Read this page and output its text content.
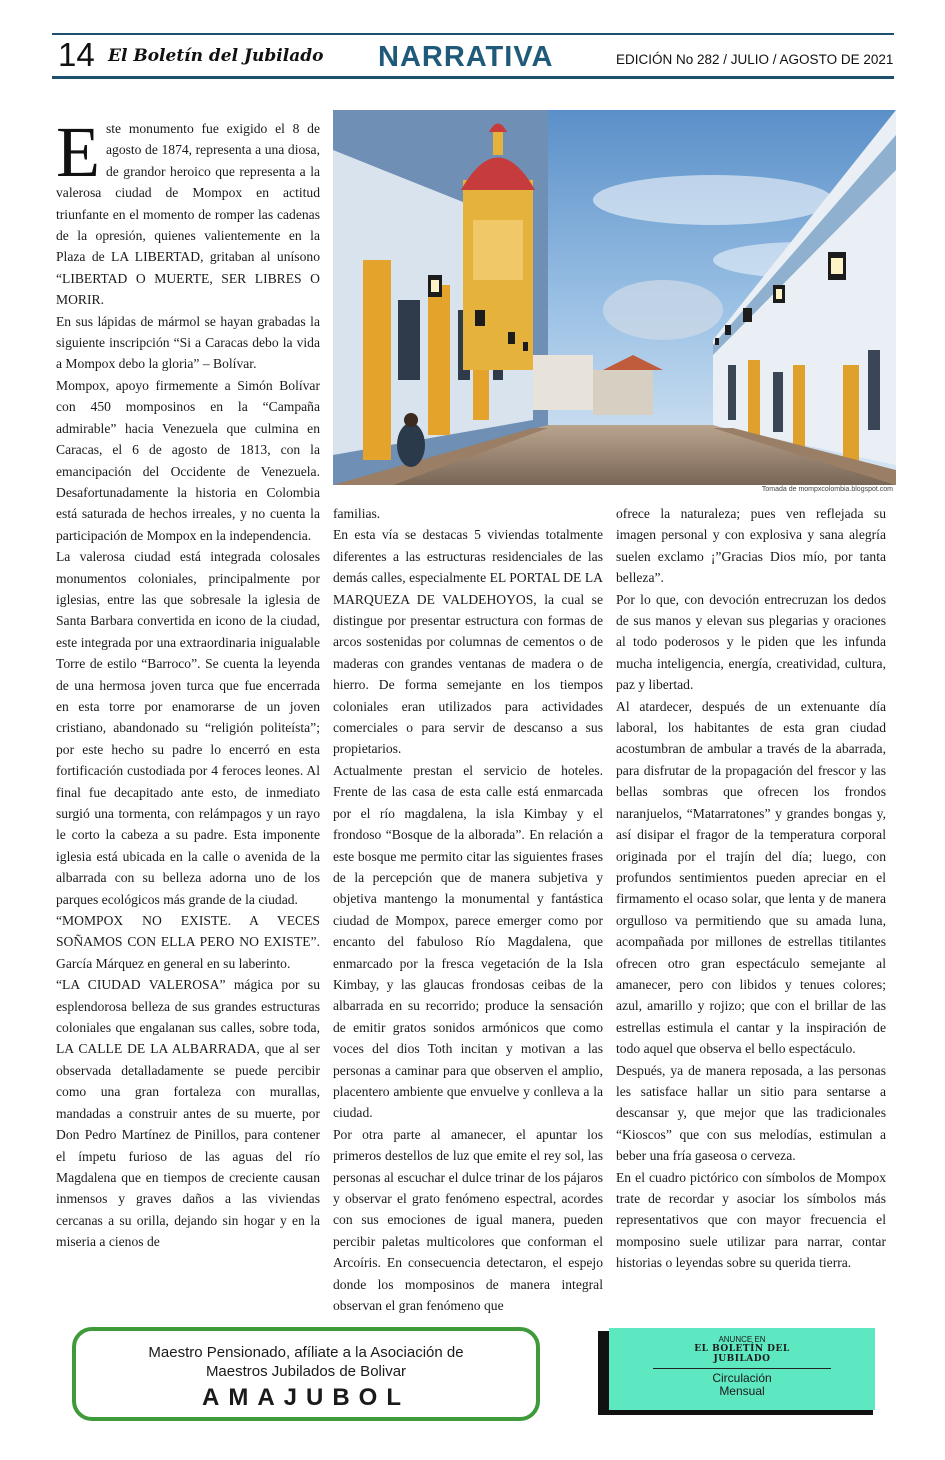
14 El Boletín del Jubilado NARRATIVA	EDICIÓN No 282 / JULIO / AGOSTO DE 2021
E ste monumento fue exigido el 8 de agosto de 1874, representa a una diosa, de grandor heroico que representa a la valerosa ciudad de Mompox en actitud triunfante en el momento de romper las cadenas de la opresión, quienes valientemente en la Plaza de LA LIBERTAD, gritaban al unísono “LIBERTAD O MUERTE, SER LIBRES O MORIR.

En sus lápidas de mármol se hayan grabadas la siguiente inscripción “Si a Caracas debo la vida a Mompox debo la gloria” – Bolívar.

Mompox, apoyo firmemente a Simón Bolívar con 450 momposinos en la “Campaña admirable” hacia Venezuela que culmina en Caracas, el 6 de agosto de 1813, con la emancipación del Occidente de Venezuela. Desafortunadamente la historia en Colombia está saturada de hechos irreales, y no cuenta la participación de Mompox en la independencia.

La valerosa ciudad está integrada colosales monumentos coloniales, principalmente por iglesias, entre las que sobresale la iglesia de Santa Barbara convertida en icono de la ciudad, este integrada por una extraordinaria inigualable Torre de estilo “Barroco”. Se cuenta la leyenda de una hermosa joven turca que fue encerrada en esta torre por enamorarse de un joven cristiano, abandonado su “religión politeísta”; por este hecho su padre lo encerró en esta fortificación custodiada por 4 feroces leones. Al final fue decapitado ante esto, de inmediato surgió una tormenta, con relámpagos y un rayo le corto la cabeza a su padre. Esta imponente iglesia está ubicada en la calle o avenida de la albarrada con su belleza adorna uno de los parques ecológicos más grande de la ciudad.

“MOMPOX NO EXISTE. A VECES SOÑAMOS CON ELLA PERO NO EXISTE”. García Márquez en general en su laberinto.

“LA CIUDAD VALEROSA” mágica por su esplendorosa belleza de sus grandes estructuras coloniales que engalanan sus calles, sobre toda, LA CALLE DE LA ALBARRADA, que al ser observada detalladamente se puede percibir como una gran fortaleza con murallas, mandadas a construir antes de su muerte, por Don Pedro Martínez de Pinillos, para contener el ímpetu furioso de las aguas del río Magdalena que en tiempos de creciente causan inmensos y graves daños a las viviendas cercanas a su orilla, dejando sin hogar y en la miseria a cienos de

Tomada de mompxcolombia.blogspot.com

familias.

En esta vía se destacas 5 viviendas totalmente diferentes a las estructuras residenciales de las demás calles, especialmente EL PORTAL DE LA MARQUEZA DE VALDEHOYOS, la cual se distingue por presentar estructura con formas de arcos sostenidas por columnas de cementos o de maderas con grandes ventanas de madera o de hierro. De forma semejante en los tiempos coloniales eran utilizados para actividades comerciales o para servir de descanso a sus propietarios.

Actualmente prestan el servicio de hoteles. Frente de las casa de esta calle está enmarcada por el río magdalena, la isla Kimbay y el frondoso “Bosque de la alborada”. En relación a este bosque me permito citar las siguientes frases de la percepción que de manera subjetiva y objetiva mantengo la monumental y fantástica ciudad de Mompox, parece emerger como por encanto del fabuloso Río Magdalena, que enmarcado por la fresca vegetación de la Isla Kimbay, y las glaucas frondosas ceibas de la albarrada en su recorrido; produce la sensación de emitir gratos sonidos armónicos que como voces del dios Toth incitan y motivan a las personas a caminar para que observen el amplio, placentero ambiente que envuelve y conlleva a la ciudad.

Por otra parte al amanecer, el apuntar los primeros destellos de luz que emite el rey sol, las personas al escuchar el dulce trinar de los pájaros y observar el grato fenómeno espectral, acordes con sus emociones de igual manera, pueden percibir paletas multicolores que conforman el Arcoíris. En consecuencia detectaron, el espejo donde los momposinos de manera integral observan el gran fenómeno que

ofrece la naturaleza; pues ven reflejada su imagen personal y con explosiva y sana alegría suelen exclamo ¡”Gracias Dios mío, por tanta belleza”.

Por lo que, con devoción entrecruzan los dedos de sus manos y elevan sus plegarias y oraciones al todo poderosos y le piden que les infunda mucha inteligencia, energía, creatividad, cultura, paz y libertad.

Al atardecer, después de un extenuante día laboral, los habitantes de esta gran ciudad acostumbran de ambular a través de la abarrada, para disfrutar de la propagación del frescor y las bellas sombras que ofrecen los frondos naranjuelos, “Matarratones” y grandes bongas y, así disipar el fragor de la temperatura corporal originada por el trajín del día; luego, con profundos sentimientos pueden apreciar en el firmamento el ocaso solar, que lenta y de manera orgulloso va permitiendo que su amada luna, acompañada por millones de estrellas titilantes ofrecen otro gran espectáculo semejante al amanecer, pero con libidos y tenues colores; azul, amarillo y rojizo; que con el brillar de las estrellas estimula el cantar y la inspiración de todo aquel que observa el bello espectáculo.

Después, ya de manera reposada, a las personas les satisface hallar un sitio para sentarse a descansar y, que mejor que las tradicionales “Kioscos” que con sus melodías, estimulan a beber una fría gaseosa o cerveza.

En el cuadro pictórico con símbolos de Mompox trate de recordar y asociar los símbolos más representativos que con mayor frecuencia el momposino suele utilizar para narrar, contar historias o leyendas sobre su querida tierra.

Maestro Pensionado, afíliate a la Asociación de
Maestros Jubilados de Bolivar
AMAJUBOL
ANUNCE EN
EL BOLETÍN DEL
JUBILADO
Circulación
Mensual
